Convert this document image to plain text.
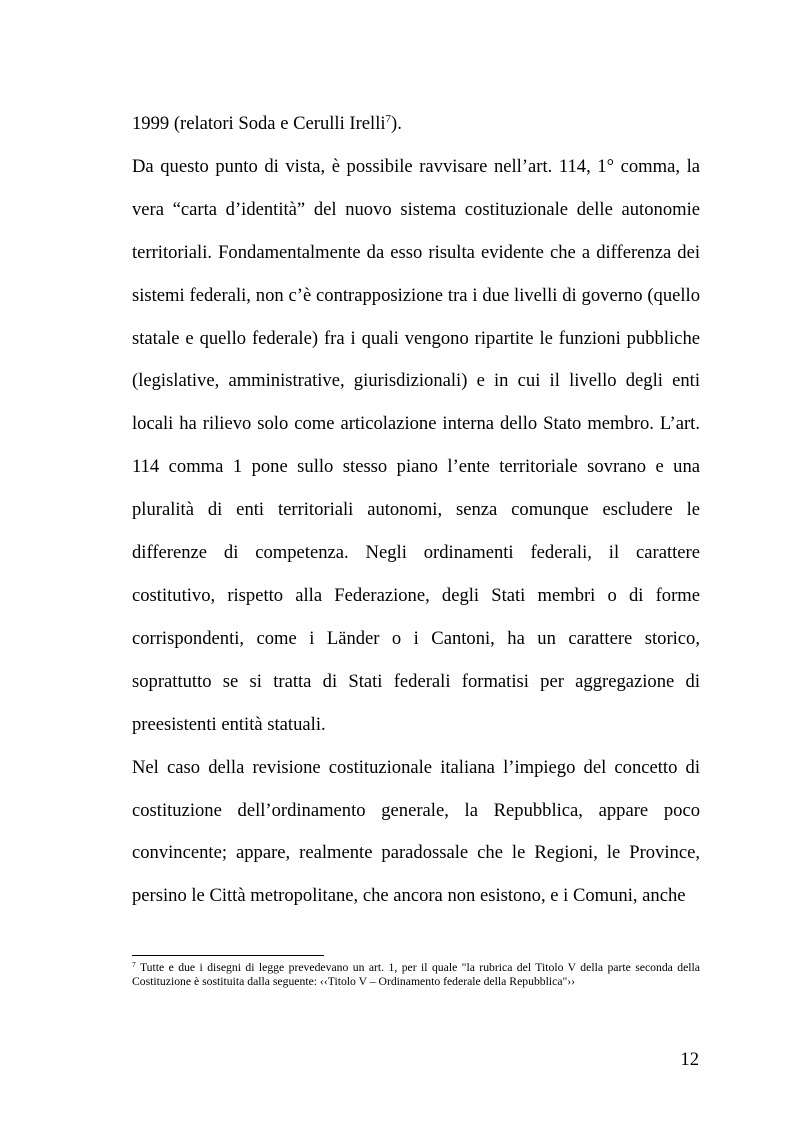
1999 (relatori Soda e Cerulli Irelli$^7$).

Da questo punto di vista, è possibile ravvisare nell’art. 114, 1° comma, la vera “carta d’identità” del nuovo sistema costituzionale delle autonomie territoriali. Fondamentalmente da esso risulta evidente che a differenza dei sistemi federali, non c’è contrapposizione tra i due livelli di governo (quello statale e quello federale) fra i quali vengono ripartite le funzioni pubbliche (legislative, amministrative, giurisdizionali) e in cui il livello degli enti locali ha rilievo solo come articolazione interna dello Stato membro. L’art. 114 comma 1 pone sullo stesso piano l’ente territoriale sovrano e una pluralità di enti territoriali autonomi, senza comunque escludere le differenze di competenza. Negli ordinamenti federali, il carattere costitutivo, rispetto alla Federazione, degli Stati membri o di forme corrispondenti, come i Länder o i Cantoni, ha un carattere storico, soprattutto se si tratta di Stati federali formatisi per aggregazione di preesistenti entità statuali.

Nel caso della revisione costituzionale italiana l’impiego del concetto di costituzione dell’ordinamento generale, la Repubblica, appare poco convincente; appare, realmente paradossale che le Regioni, le Province, persino le Città metropolitane, che ancora non esistono, e i Comuni, anche

$^7$ Tutte e due i disegni di legge prevedevano un art. 1, per il quale "la rubrica del Titolo V della parte seconda della Costituzione è sostituita dalla seguente: ‹‹Titolo V – Ordinamento federale della Repubblica"››

12
